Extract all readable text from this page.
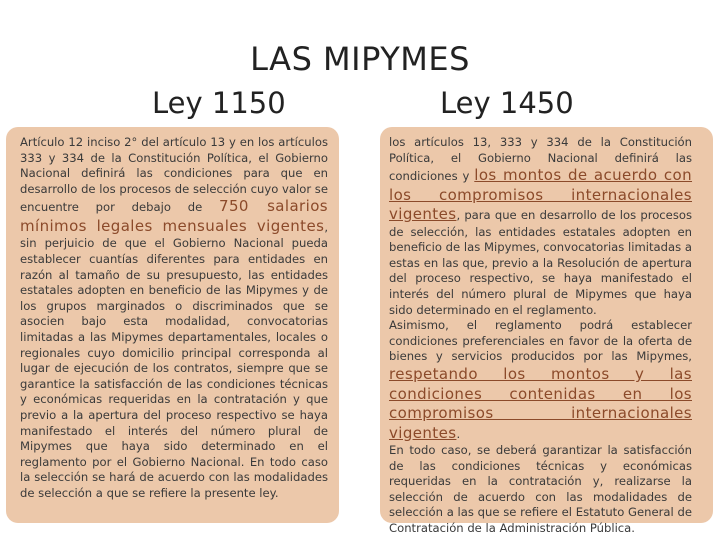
LAS MIPYMES
Ley 1150	Ley 1450

Artículo 12 inciso 2° del artículo 13 y en los artículos 333 y 334 de la Constitución Política, el Gobierno Nacional definirá las condiciones para que en desarrollo de los procesos de selección cuyo valor se encuentre por debajo de 750 salarios mínimos legales mensuales vigentes, sin perjuicio de que el Gobierno Nacional pueda establecer cuantías diferentes para entidades en razón al tamaño de su presupuesto, las entidades estatales adopten en beneficio de las Mipymes y de los grupos marginados o discriminados que se asocien bajo esta modalidad, convocatorias limitadas a las Mipymes departamentales, locales o regionales cuyo domicilio principal corresponda al lugar de ejecución de los contratos, siempre que se garantice la satisfacción de las condiciones técnicas y económicas requeridas en la contratación y que previo a la apertura del proceso respectivo se haya manifestado el interés del número plural de Mipymes que haya sido determinado en el reglamento por el Gobierno Nacional. En todo caso la selección se hará de acuerdo con las modalidades de selección a que se refiere la presente ley.

los artículos 13, 333 y 334 de la Constitución Política, el Gobierno Nacional definirá las condiciones y los montos de acuerdo con los compromisos internacionales vigentes, para que en desarrollo de los procesos de selección, las entidades estatales adopten en beneficio de las Mipymes, convocatorias limitadas a estas en las que, previo a la Resolución de apertura del proceso respectivo, se haya manifestado el interés del número plural de Mipymes que haya sido determinado en el reglamento.

Asimismo, el reglamento podrá establecer condiciones preferenciales en favor de la oferta de bienes y servicios producidos por las Mipymes, respetando los montos y las condiciones contenidas en los compromisos internacionales vigentes.

En todo caso, se deberá garantizar la satisfacción de las condiciones técnicas y económicas requeridas en la contratación y, realizarse la selección de acuerdo con las modalidades de selección a las que se refiere el Estatuto General de Contratación de la Administración Pública.
